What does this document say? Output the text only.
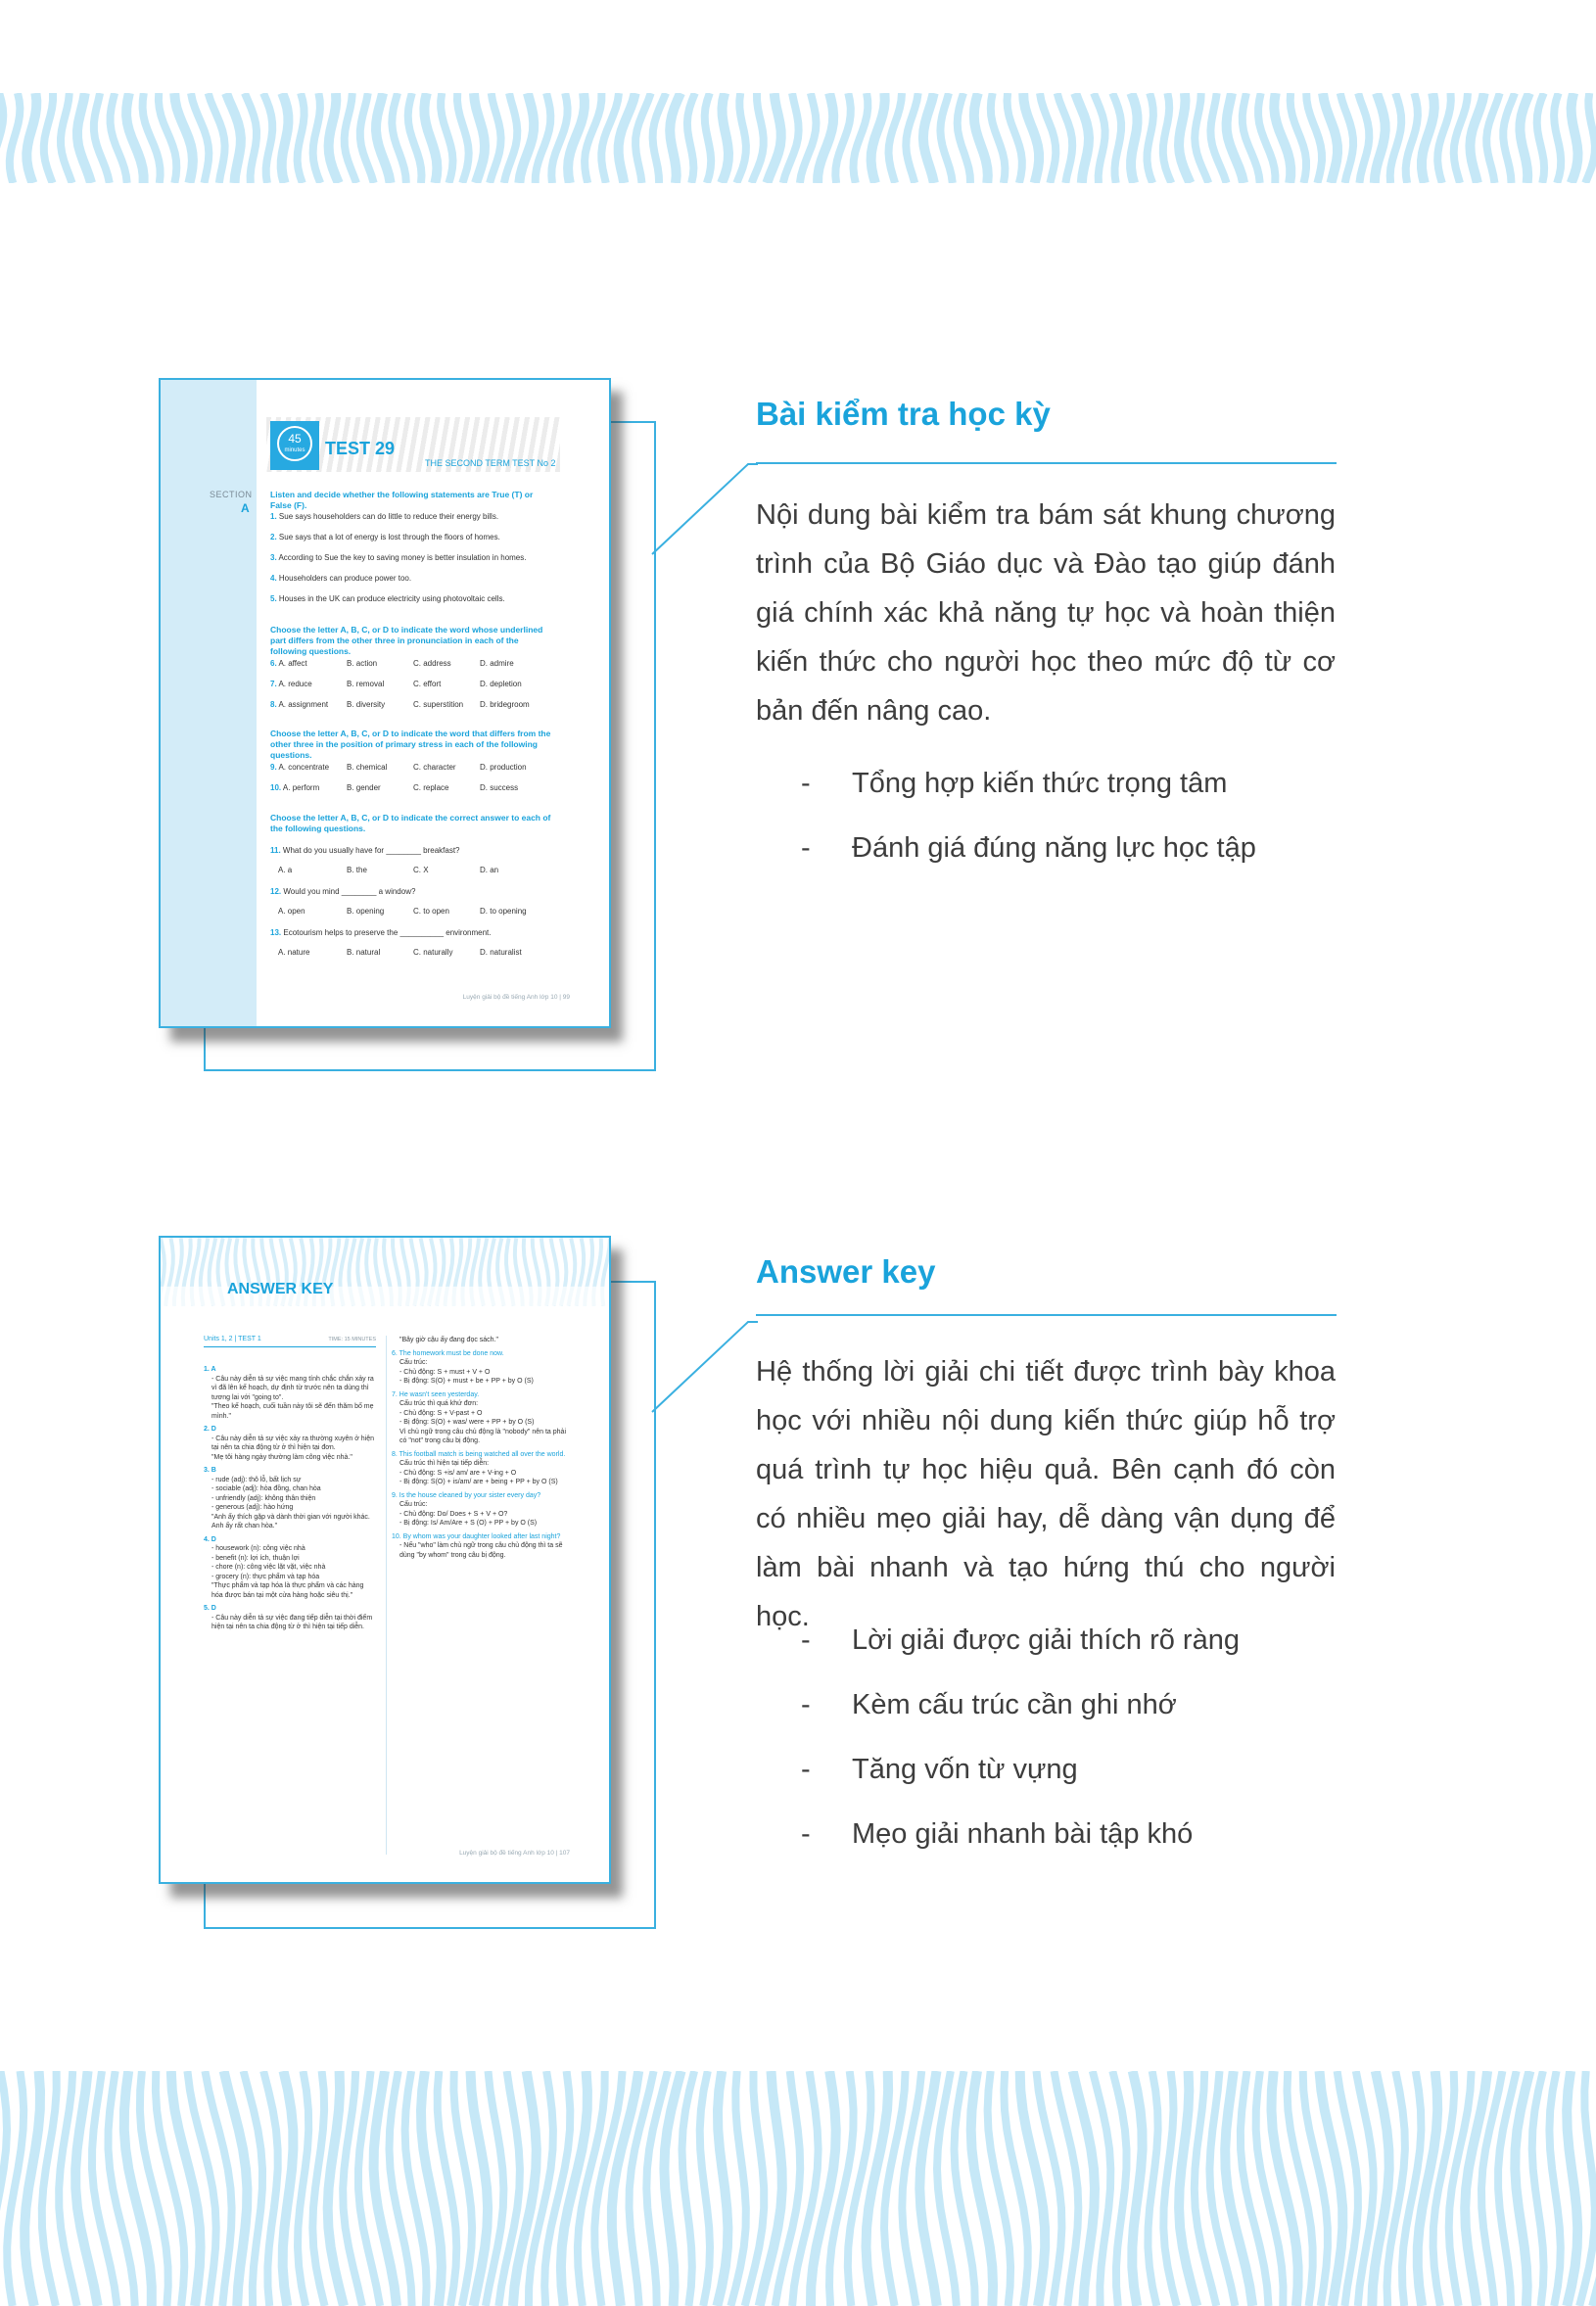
SECTION
A
45
minutes	TEST 29
THE SECOND TERM TEST No 2
Listen and decide whether the following statements are True (T) or False (F).
1. Sue says householders can do little to reduce their energy bills.
2. Sue says that a lot of energy is lost through the floors of homes.
3. According to Sue the key to saving money is better insulation in homes.
4. Householders can produce power too.
5. Houses in the UK can produce electricity using photovoltaic cells.
Choose the letter A, B, C, or D to indicate the word whose underlined part differs from the other three in pronunciation in each of the following questions.
6. A. affect	B. action	C. address	D. admire
7. A. reduce	B. removal	C. effort	D. depletion
8. A. assignment B. diversity	C. superstition D. bridegroom
Choose the letter A, B, C, or D to indicate the word that differs from the other three in the position of primary stress in each of the following questions.
9. A. concentrate B. chemical	C. character	D. production
10. A. perform	B. gender	C. replace	D. success
Choose the letter A, B, C, or D to indicate the correct answer to each of the following questions.
11. What do you usually have for ________ breakfast?
A. a	B. the	C. X	D. an
12. Would you mind ________ a window?
A. open	B. opening	C. to open	D. to opening
13. Ecotourism helps to preserve the __________ environment.
A. nature	B. natural	C. naturally	D. naturalist
Luyện giải bộ đề tiếng Anh lớp 10 | 99
Bài kiểm tra học kỳ
Nội dung bài kiểm tra bám sát khung chương trình của Bộ Giáo dục và Đào tạo giúp đánh giá chính xác khả năng tự học và hoàn thiện kiến thức cho người học theo mức độ từ cơ bản đến nâng cao.
- Tổng hợp kiến thức trọng tâm
- Đánh giá đúng năng lực học tập
ANSWER KEY
Units 1, 2 | TEST 1	TIME: 15 MINUTES

1. A

- Câu này diễn tả sự việc mang tính chắc chắn xảy ra vì đã lên kế hoạch, dự định từ trước nên ta dùng thì tương lai với "going to".

"Theo kế hoạch, cuối tuần này tôi sẽ đến thăm bố mẹ mình."

2. D

- Câu này diễn tả sự việc xảy ra thường xuyên ở hiện tại nên ta chia động từ ở thì hiện tại đơn.

"Mẹ tôi hàng ngày thường làm công việc nhà."

3. B

- rude (adj): thô lỗ, bất lịch sự

- sociable (adj): hòa đồng, chan hòa

- unfriendly (adj): không thân thiện

- generous (adj): hào hứng

"Anh ấy thích gặp và dành thời gian với người khác. Anh ấy rất chan hòa."

4. D

- housework (n): công việc nhà

- benefit (n): lợi ích, thuận lợi

- chore (n): công việc lặt vặt, việc nhà

- grocery (n): thực phẩm và tạp hóa

"Thực phẩm và tạp hóa là thực phẩm và các hàng hóa được bán tại một cửa hàng hoặc siêu thị."

5. D

- Câu này diễn tả sự việc đang tiếp diễn tại thời điểm hiện tại nên ta chia động từ ở thì hiện tại tiếp diễn.

"Bây giờ cậu ấy đang đọc sách."

6. The homework must be done now.

Cấu trúc:

- Chủ động: S + must + V + O

- Bị động: S(O) + must + be + PP + by O (S)

7. He wasn't seen yesterday.

Cấu trúc thì quá khứ đơn:

- Chủ động: S + V-past + O

- Bị động: S(O) + was/ were + PP + by O (S)

Vì chủ ngữ trong câu chủ động là "nobody" nên ta phải có "not" trong câu bị động.

8. This football match is being watched all over the world.

Cấu trúc thì hiện tại tiếp diễn:

- Chủ động: S +is/ am/ are + V-ing + O

- Bị động: S(O) + is/am/ are + being + PP + by O (S)

9. Is the house cleaned by your sister every day?

Cấu trúc:

- Chủ động: Do/ Does + S + V + O?

- Bị động: Is/ Am/Are + S (O) + PP + by O (S)

10. By whom was your daughter looked after last night?

- Nếu "who" làm chủ ngữ trong câu chủ động thì ta sẽ dùng "by whom" trong câu bị động.

Luyện giải bộ đề tiếng Anh lớp 10 | 107
Answer key
Hệ thống lời giải chi tiết được trình bày khoa học với nhiều nội dung kiến thức giúp hỗ trợ quá trình tự học hiệu quả. Bên cạnh đó còn có nhiều mẹo giải hay, dễ dàng vận dụng để làm bài nhanh và tạo hứng thú cho người học.
- Lời giải được giải thích rõ ràng
- Kèm cấu trúc cần ghi nhớ
- Tăng vốn từ vựng
- Mẹo giải nhanh bài tập khó
